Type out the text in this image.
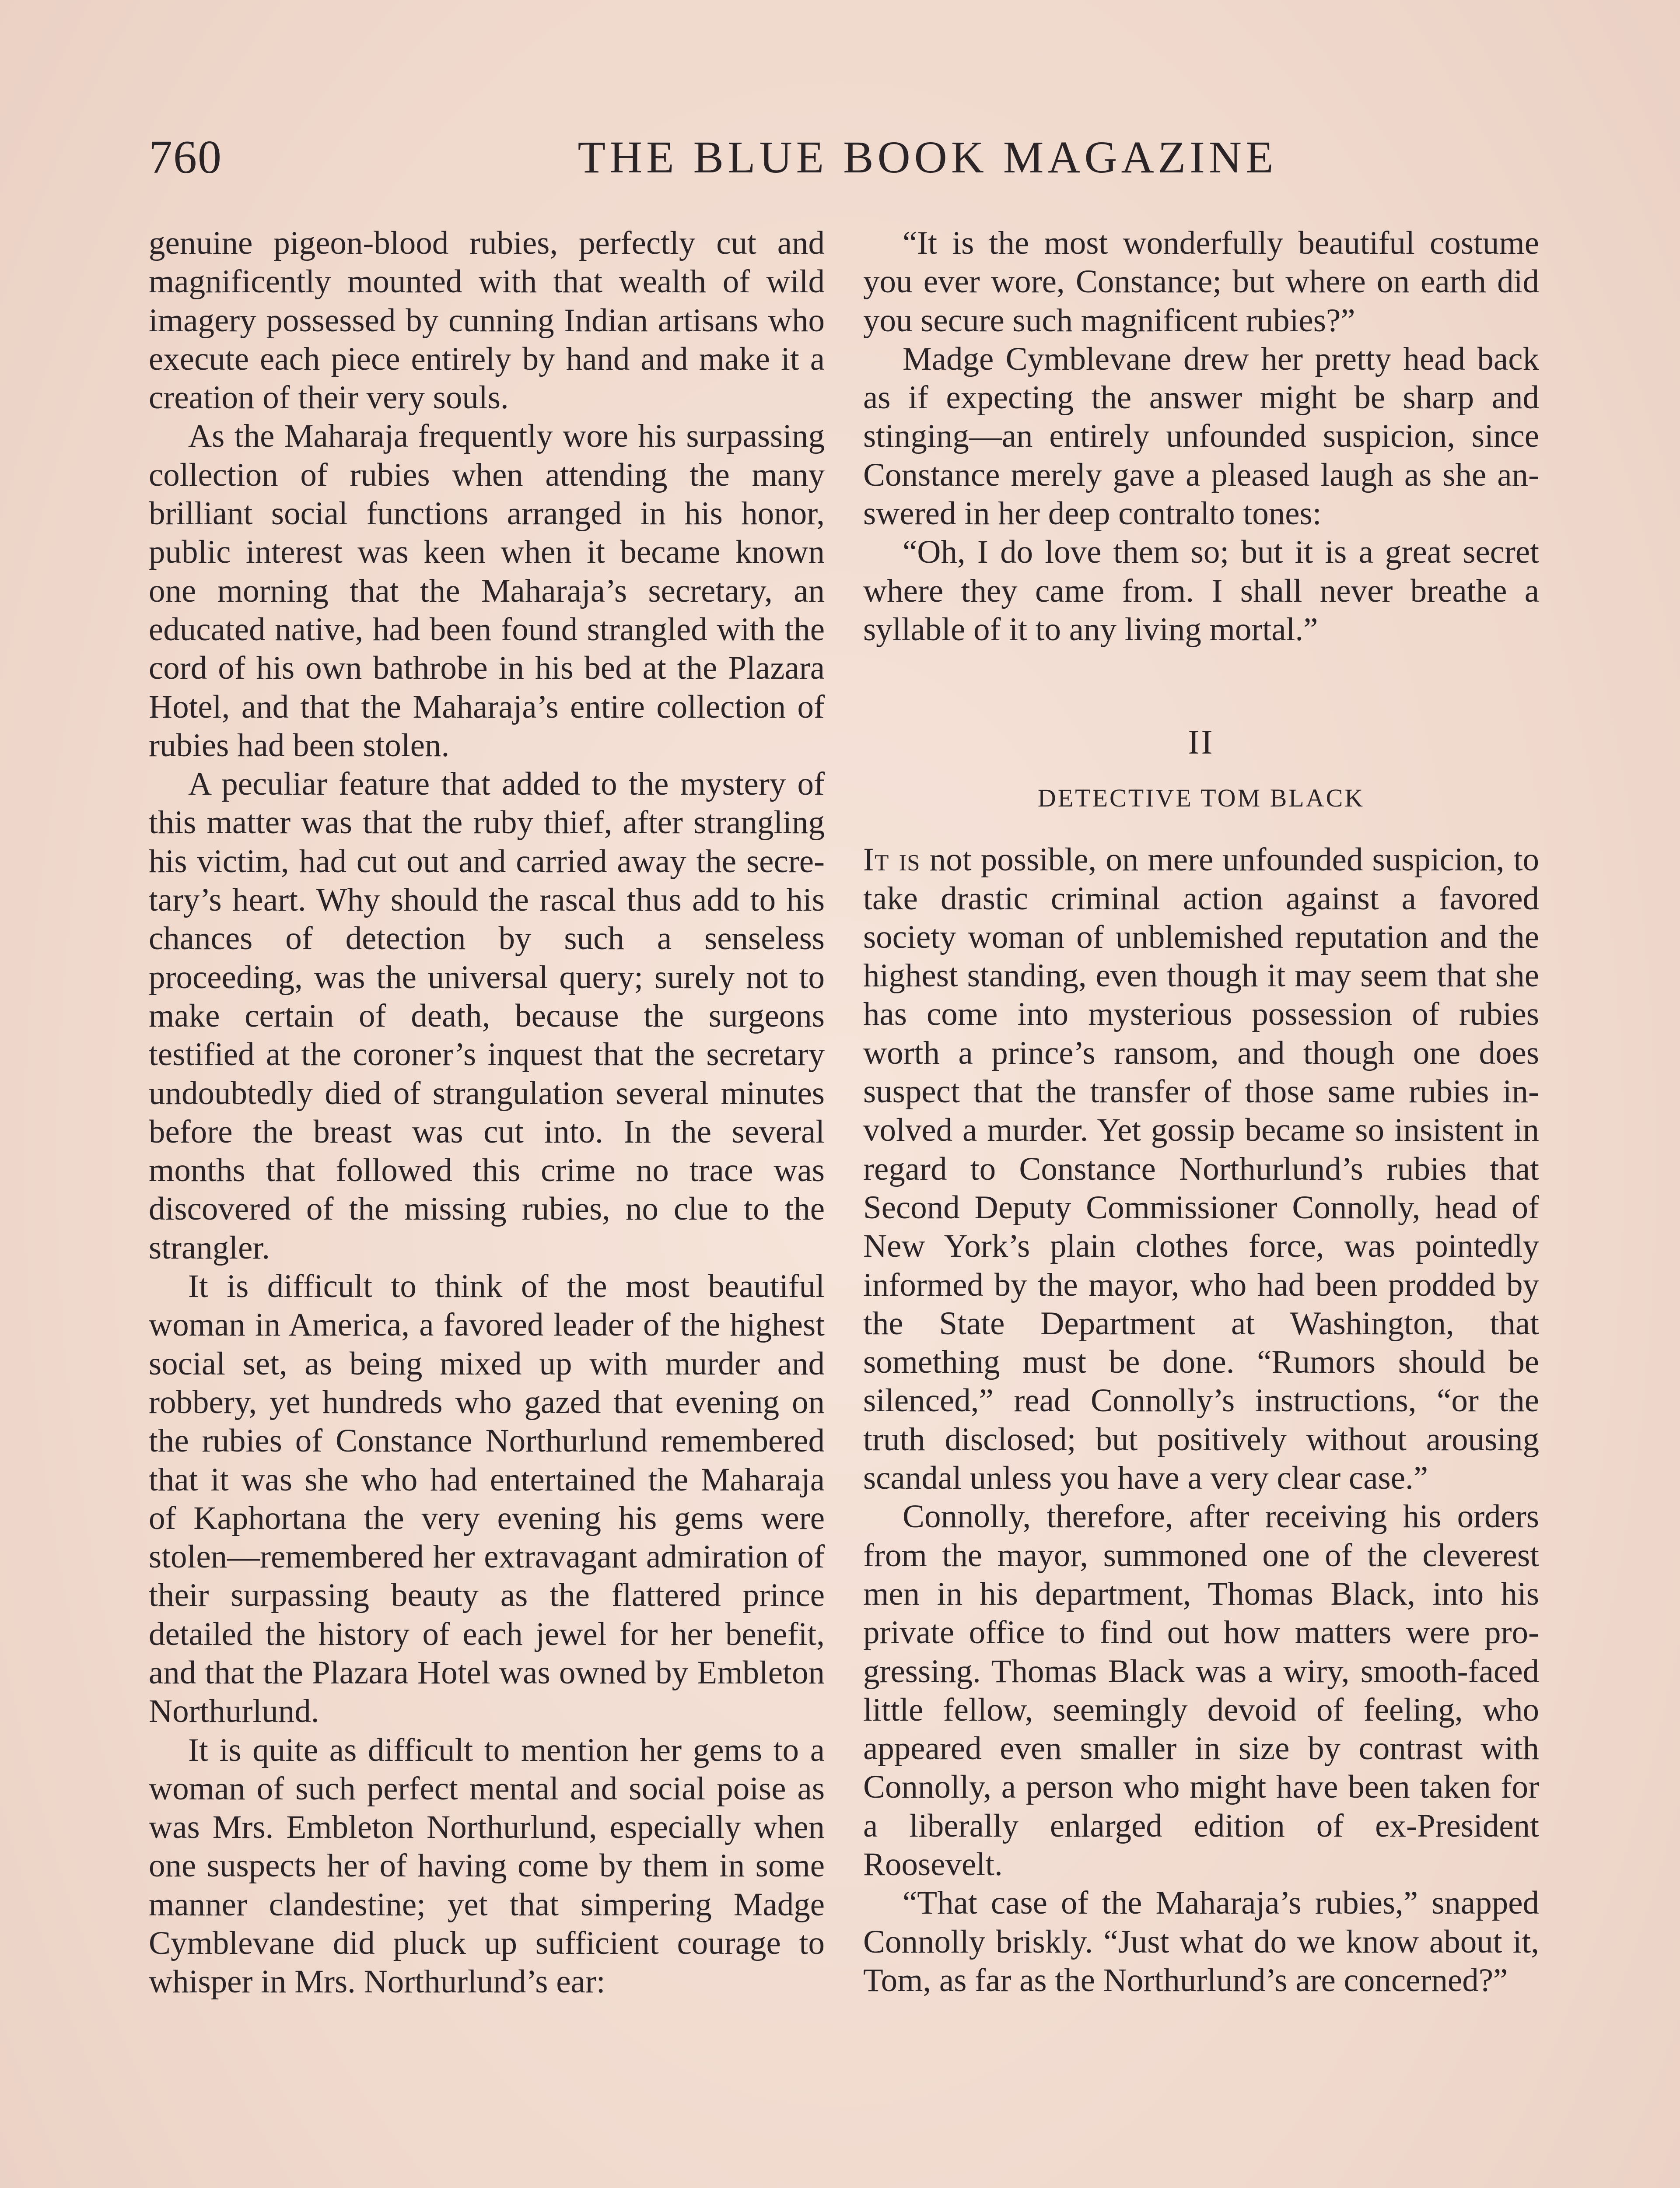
760	THE BLUE BOOK MAGAZINE

genuine pigeon-blood rubies, perfectly cut and magnificently mounted with that wealth of wild imagery possessed by cunning Indian artisans who execute each piece entirely by hand and make it a creation of their very souls.

As the Maharaja frequently wore his surpassing collection of rubies when attending the many brilliant social functions arranged in his honor, public interest was keen when it became known one morning that the Maharaja’s secretary, an educated native, had been found strangled with the cord of his own bathrobe in his bed at the Plazara Hotel, and that the Maharaja’s entire collection of rubies had been stolen.

A peculiar feature that added to the mystery of this matter was that the ruby thief, after strangling his victim, had cut out and carried away the secretary’s heart. Why should the rascal thus add to his chances of detection by such a senseless proceeding, was the universal query; surely not to make certain of death, because the surgeons testified at the coroner’s inquest that the secretary undoubtedly died of strangulation several minutes before the breast was cut into. In the several months that followed this crime no trace was discovered of the missing rubies, no clue to the strangler.

It is difficult to think of the most beautiful woman in America, a favored leader of the highest social set, as being mixed up with murder and robbery, yet hundreds who gazed that evening on the rubies of Constance Northurlund remembered that it was she who had entertained the Maharaja of Kaphortana the very evening his gems were stolen—remembered her extravagant admiration of their surpassing beauty as the flattered prince detailed the history of each jewel for her benefit, and that the Plazara Hotel was owned by Embleton Northurlund.

It is quite as difficult to mention her gems to a woman of such perfect mental and social poise as was Mrs. Embleton Northurlund, especially when one suspects her of having come by them in some manner clandestine; yet that simpering Madge Cymblevane did pluck up sufficient courage to whisper in Mrs. Northurlund’s ear:

“It is the most wonderfully beautiful costume you ever wore, Constance; but where on earth did you secure such magnificent rubies?”

Madge Cymblevane drew her pretty head back as if expecting the answer might be sharp and stinging—an entirely unfounded suspicion, since Constance merely gave a pleased laugh as she answered in her deep contralto tones:

“Oh, I do love them so; but it is a great secret where they came from. I shall never breathe a syllable of it to any living mortal.”

II
DETECTIVE TOM BLACK

It is not possible, on mere unfounded suspicion, to take drastic criminal action against a favored society woman of unblemished reputation and the highest standing, even though it may seem that she has come into mysterious possession of rubies worth a prince’s ransom, and though one does suspect that the transfer of those same rubies involved a murder. Yet gossip became so insistent in regard to Constance Northurlund’s rubies that Second Deputy Commissioner Connolly, head of New York’s plain clothes force, was pointedly informed by the mayor, who had been prodded by the State Department at Washington, that something must be done. “Rumors should be silenced,” read Connolly’s instructions, “or the truth disclosed; but positively without arousing scandal unless you have a very clear case.”

Connolly, therefore, after receiving his orders from the mayor, summoned one of the cleverest men in his department, Thomas Black, into his private office to find out how matters were progressing. Thomas Black was a wiry, smooth-faced little fellow, seemingly devoid of feeling, who appeared even smaller in size by contrast with Connolly, a person who might have been taken for a liberally enlarged edition of ex-President Roosevelt.

“That case of the Maharaja’s rubies,” snapped Connolly briskly. “Just what do we know about it, Tom, as far as the Northurlund’s are concerned?”
